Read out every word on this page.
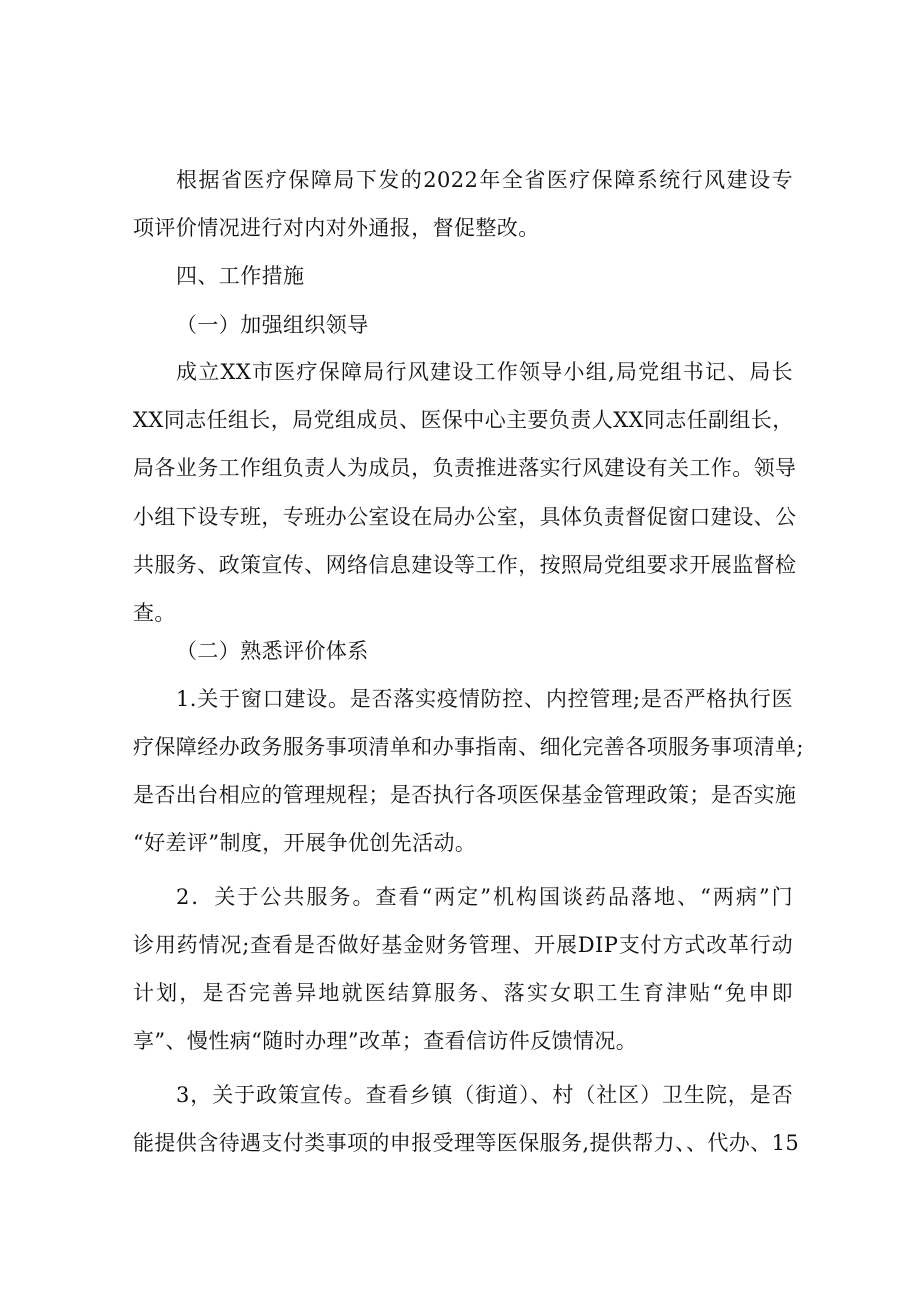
根据省医疗保障局下发的2022年全省医疗保障系统行风建设专
项评价情况进行对内对外通报，督促整改。
四、工作措施
（一）加强组织领导
成立XX市医疗保障局行风建设工作领导小组,局党组书记、局长
XX同志任组长，局党组成员、医保中心主要负责人XX同志任副组长，
局各业务工作组负责人为成员，负责推进落实行风建设有关工作。领导
小组下设专班，专班办公室设在局办公室，具体负责督促窗口建设、公
共服务、政策宣传、网络信息建设等工作，按照局党组要求开展监督检
查。
（二）熟悉评价体系
1.关于窗口建设。是否落实疫情防控、内控管理;是否严格执行医
疗保障经办政务服务事项清单和办事指南、细化完善各项服务事项清单;
是否出台相应的管理规程；是否执行各项医保基金管理政策；是否实施
“好差评”制度，开展争优创先活动。
2．关于公共服务。查看“两定”机构国谈药品落地、“两病”门
诊用药情况;查看是否做好基金财务管理、开展DIP支付方式改革行动
计划，是否完善异地就医结算服务、落实女职工生育津贴“免申即
享”、慢性病“随时办理”改革；查看信访件反馈情况。
3，关于政策宣传。查看乡镇（街道）、村（社区）卫生院，是否
能提供含待遇支付类事项的申报受理等医保服务,提供帮力、、代办、15
